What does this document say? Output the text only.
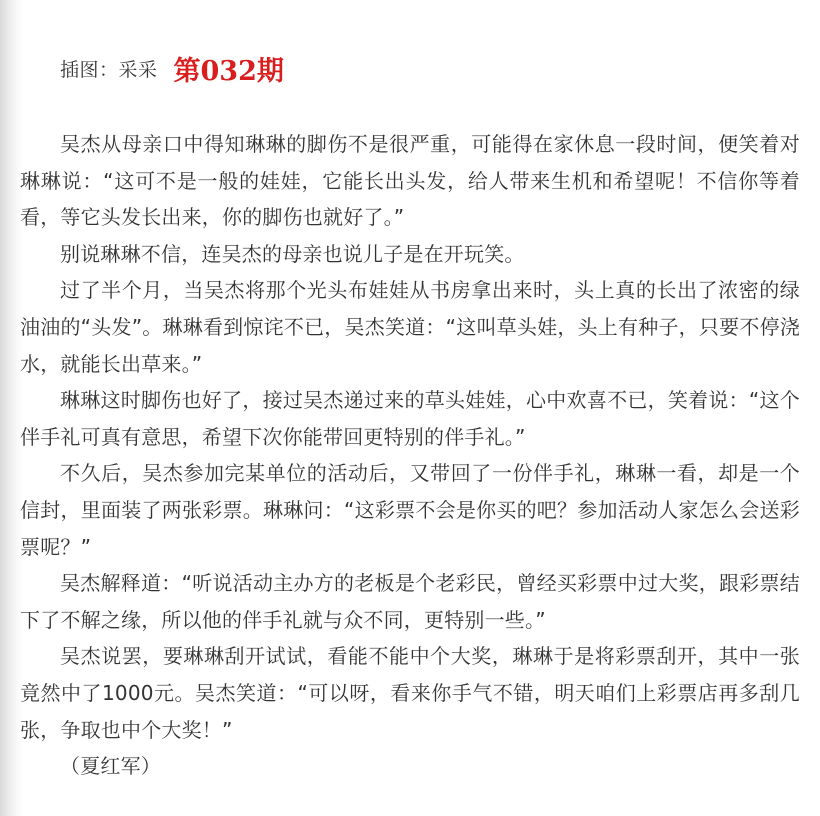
插图：采采 第032期

吴杰从母亲口中得知琳琳的脚伤不是很严重，可能得在家休息一段时间，便笑着对琳琳说：“这可不是一般的娃娃，它能长出头发，给人带来生机和希望呢！不信你等着看，等它头发长出来，你的脚伤也就好了。”

别说琳琳不信，连吴杰的母亲也说儿子是在开玩笑。

过了半个月，当吴杰将那个光头布娃娃从书房拿出来时，头上真的长出了浓密的绿油油的“头发”。琳琳看到惊诧不已，吴杰笑道：“这叫草头娃，头上有种子，只要不停浇水，就能长出草来。”

琳琳这时脚伤也好了，接过吴杰递过来的草头娃娃，心中欢喜不已，笑着说：“这个伴手礼可真有意思，希望下次你能带回更特别的伴手礼。”

不久后，吴杰参加完某单位的活动后，又带回了一份伴手礼，琳琳一看，却是一个信封，里面装了两张彩票。琳琳问：“这彩票不会是你买的吧？参加活动人家怎么会送彩票呢？”

吴杰解释道：“听说活动主办方的老板是个老彩民，曾经买彩票中过大奖，跟彩票结下了不解之缘，所以他的伴手礼就与众不同，更特别一些。”

吴杰说罢，要琳琳刮开试试，看能不能中个大奖，琳琳于是将彩票刮开，其中一张竟然中了1000元。吴杰笑道：“可以呀，看来你手气不错，明天咱们上彩票店再多刮几张，争取也中个大奖！”

（夏红军）
